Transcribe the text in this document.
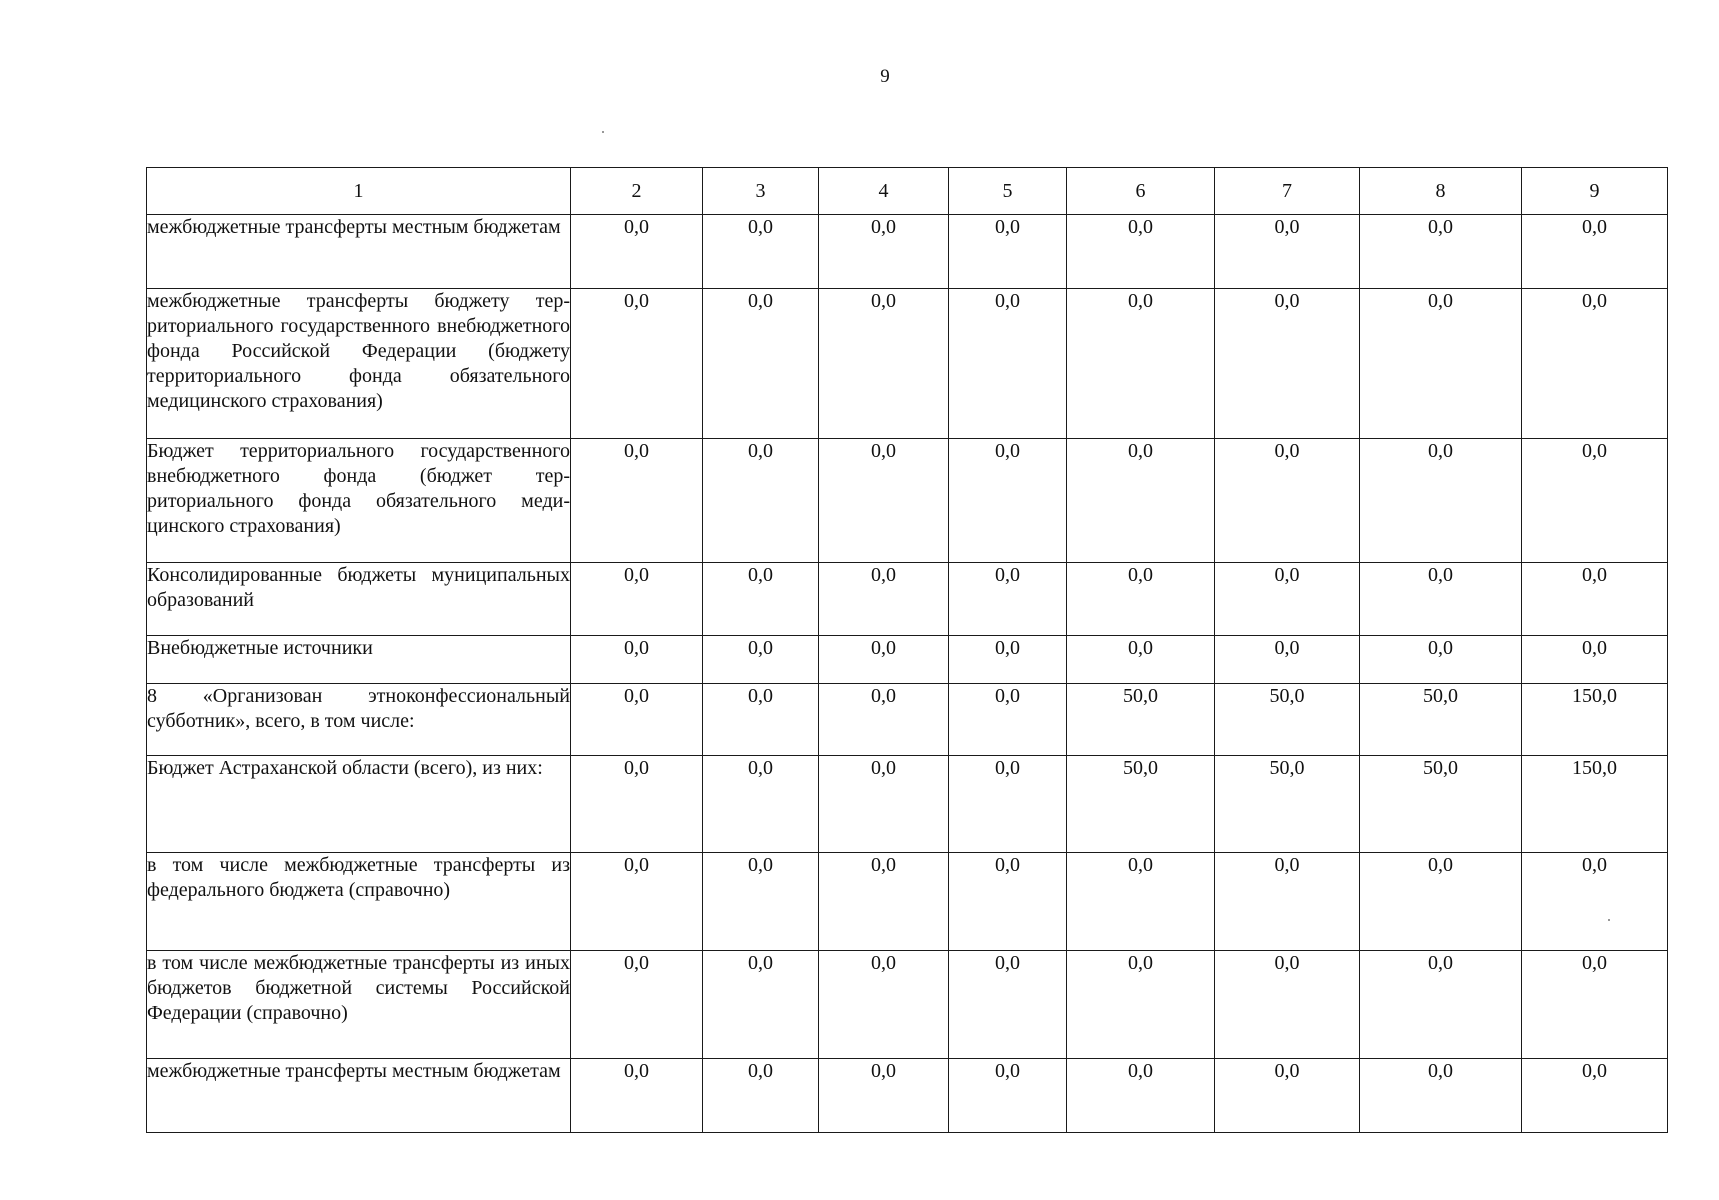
9
1	2	3	4	5	6	7	8	9
межбюджетные трансферты местным бюджетам	0,0	0,0	0,0	0,0	0,0	0,0	0,0	0,0
межбюджетные трансферты бюджету территориального государственного внебюджетного фонда Российской Федерации (бюджету территориального фонда обязательного медицинского страхования)	0,0	0,0	0,0	0,0	0,0	0,0	0,0	0,0
Бюджет территориального государственного внебюджетного фонда (бюджет территориального фонда обязательного медицинского страхования)	0,0	0,0	0,0	0,0	0,0	0,0	0,0	0,0
Консолидированные бюджеты муниципальных образований	0,0	0,0	0,0	0,0	0,0	0,0	0,0	0,0
Внебюджетные источники	0,0	0,0	0,0	0,0	0,0	0,0	0,0	0,0
8 «Организован этноконфессиональный субботник», всего, в том числе:	0,0	0,0	0,0	0,0	50,0	50,0	50,0	150,0
Бюджет Астраханской области (всего), из них:	0,0	0,0	0,0	0,0	50,0	50,0	50,0	150,0
в том числе межбюджетные трансферты из федерального бюджета (справочно)	0,0	0,0	0,0	0,0	0,0	0,0	0,0	0,0
в том числе межбюджетные трансферты из иных бюджетов бюджетной системы Российской Федерации (справочно)	0,0	0,0	0,0	0,0	0,0	0,0	0,0	0,0
межбюджетные трансферты местным бюджетам	0,0	0,0	0,0	0,0	0,0	0,0	0,0	0,0
